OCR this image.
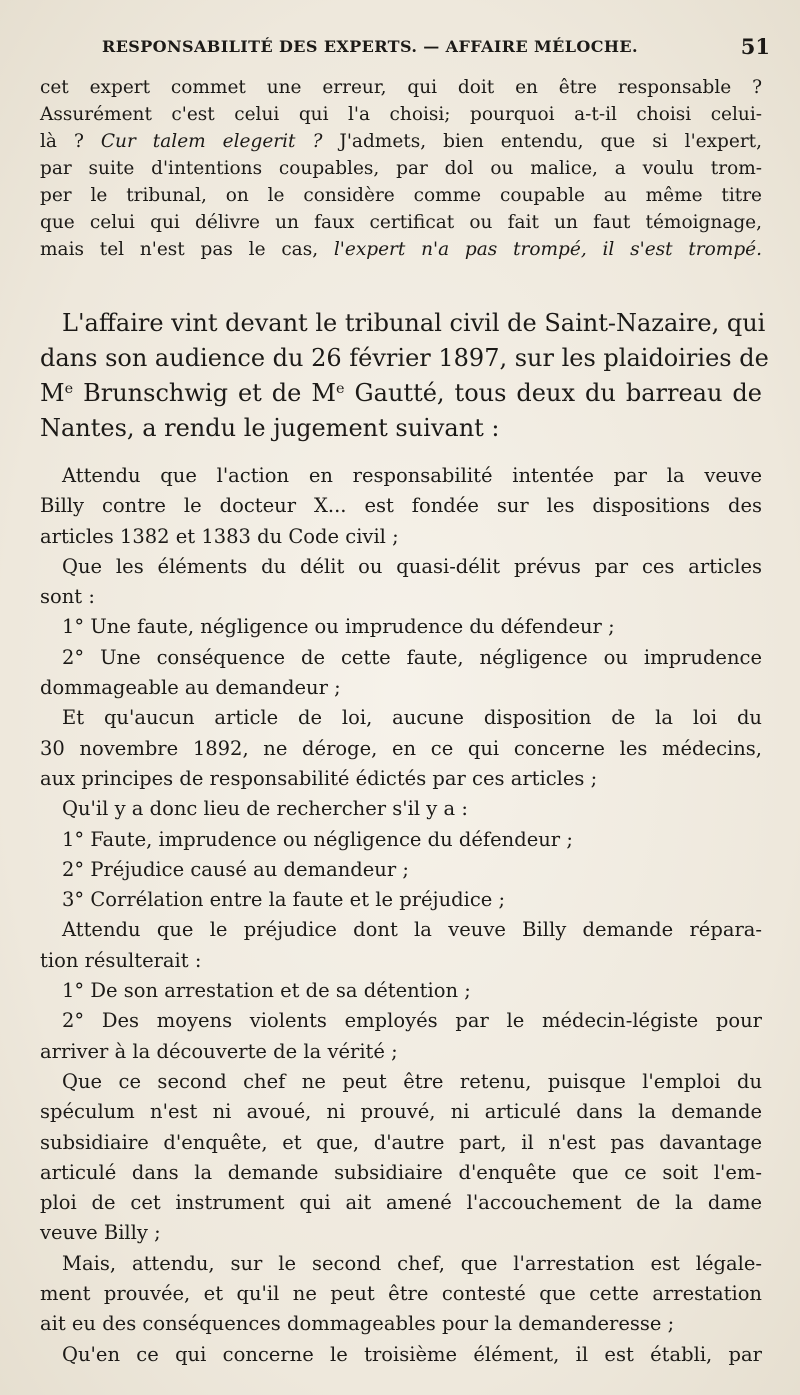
RESPONSABILITÉ DES EXPERTS. — AFFAIRE MÉLOCHE.	51
cet expert commet une erreur, qui doit en être responsable ?
Assurément c'est celui qui l'a choisi; pourquoi a-t-il choisi celui-
là ? Cur talem elegerit ? J'admets, bien entendu, que si l'expert,
par suite d'intentions coupables, par dol ou malice, a voulu trom-
per le tribunal, on le considère comme coupable au même titre
que celui qui délivre un faux certificat ou fait un faut témoignage,
mais tel n'est pas le cas, l'expert n'a pas trompé, il s'est trompé.
L'affaire vint devant le tribunal civil de Saint-Nazaire, qui
dans son audience du 26 février 1897, sur les plaidoiries de
Me Brunschwig et de Me Gautté, tous deux du barreau de
Nantes, a rendu le jugement suivant :
Attendu que l'action en responsabilité intentée par la veuve
Billy contre le docteur X... est fondée sur les dispositions des
articles 1382 et 1383 du Code civil ;
Que les éléments du délit ou quasi-délit prévus par ces articles
sont :
1° Une faute, négligence ou imprudence du défendeur ;
2° Une conséquence de cette faute, négligence ou imprudence
dommageable au demandeur ;
Et qu'aucun article de loi, aucune disposition de la loi du
30 novembre 1892, ne déroge, en ce qui concerne les médecins,
aux principes de responsabilité édictés par ces articles ;
Qu'il y a donc lieu de rechercher s'il y a :
1° Faute, imprudence ou négligence du défendeur ;
2° Préjudice causé au demandeur ;
3° Corrélation entre la faute et le préjudice ;
Attendu que le préjudice dont la veuve Billy demande répara-
tion résulterait :
1° De son arrestation et de sa détention ;
2° Des moyens violents employés par le médecin-légiste pour
arriver à la découverte de la vérité ;
Que ce second chef ne peut être retenu, puisque l'emploi du
spéculum n'est ni avoué, ni prouvé, ni articulé dans la demande
subsidiaire d'enquête, et que, d'autre part, il n'est pas davantage
articulé dans la demande subsidiaire d'enquête que ce soit l'em-
ploi de cet instrument qui ait amené l'accouchement de la dame
veuve Billy ;
Mais, attendu, sur le second chef, que l'arrestation est légale-
ment prouvée, et qu'il ne peut être contesté que cette arrestation
ait eu des conséquences dommageables pour la demanderesse ;
Qu'en ce qui concerne le troisième élément, il est établi, par
